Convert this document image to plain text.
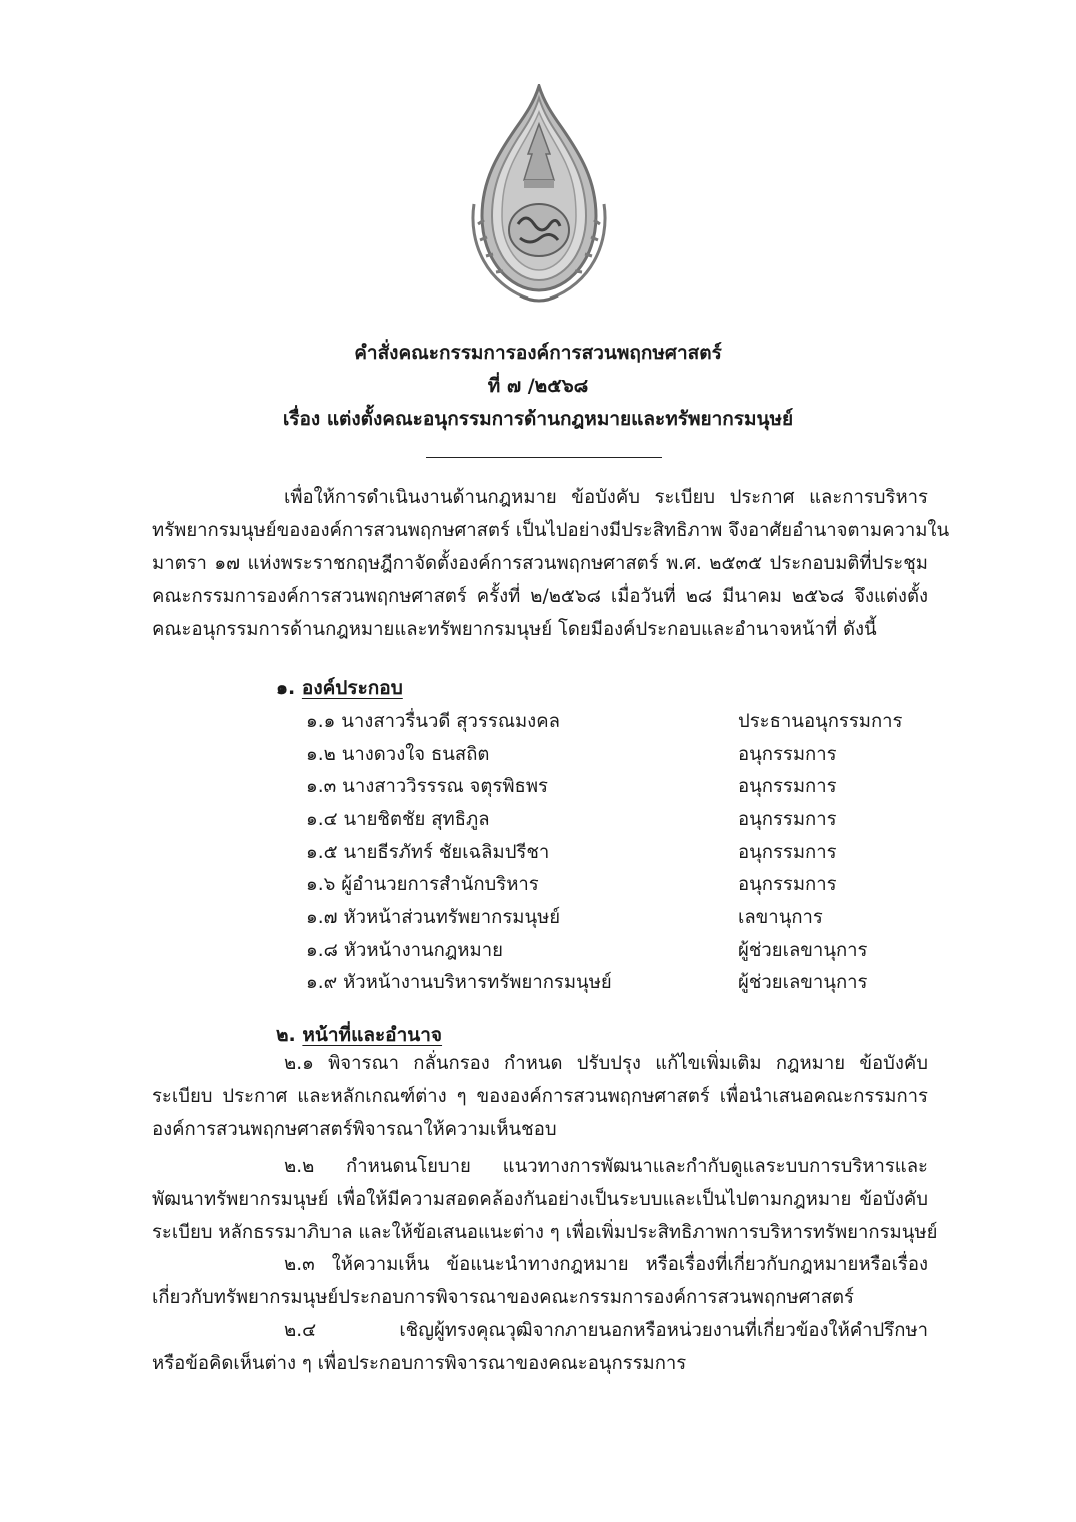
คำสั่งคณะกรรมการองค์การสวนพฤกษศาสตร์
ที่ ๗ /๒๕๖๘
เรื่อง แต่งตั้งคณะอนุกรรมการด้านกฎหมายและทรัพยากรมนุษย์
เพื่อให้การดำเนินงานด้านกฎหมาย ข้อบังคับ ระเบียบ ประกาศ และการบริหาร
ทรัพยากรมนุษย์ขององค์การสวนพฤกษศาสตร์ เป็นไปอย่างมีประสิทธิภาพ จึงอาศัยอำนาจตามความใน
มาตรา ๑๗ แห่งพระราชกฤษฎีกาจัดตั้งองค์การสวนพฤกษศาสตร์ พ.ศ. ๒๕๓๕ ประกอบมติที่ประชุม
คณะกรรมการองค์การสวนพฤกษศาสตร์ ครั้งที่ ๒/๒๕๖๘ เมื่อวันที่ ๒๘ มีนาคม ๒๕๖๘ จึงแต่งตั้ง
คณะอนุกรรมการด้านกฎหมายและทรัพยากรมนุษย์ โดยมีองค์ประกอบและอำนาจหน้าที่ ดังนี้
๑. องค์ประกอบ
๑.๑ นางสาวรื่นวดี สุวรรณมงคล	ประธานอนุกรรมการ
๑.๒ นางดวงใจ ธนสถิต	อนุกรรมการ
๑.๓ นางสาววิรรรณ จตุรพิธพร	อนุกรรมการ
๑.๔ นายชิตชัย สุทธิภูล	อนุกรรมการ
๑.๕ นายธีรภัทร์ ชัยเฉลิมปรีชา	อนุกรรมการ
๑.๖ ผู้อำนวยการสำนักบริหาร	อนุกรรมการ
๑.๗ หัวหน้าส่วนทรัพยากรมนุษย์	เลขานุการ
๑.๘ หัวหน้างานกฎหมาย	ผู้ช่วยเลขานุการ
๑.๙ หัวหน้างานบริหารทรัพยากรมนุษย์	ผู้ช่วยเลขานุการ
๒. หน้าที่และอำนาจ
๒.๑ พิจารณา กลั่นกรอง กำหนด ปรับปรุง แก้ไขเพิ่มเติม กฎหมาย ข้อบังคับ
ระเบียบ ประกาศ และหลักเกณฑ์ต่าง ๆ ขององค์การสวนพฤกษศาสตร์ เพื่อนำเสนอคณะกรรมการ
องค์การสวนพฤกษศาสตร์พิจารณาให้ความเห็นชอบ
๒.๒ กำหนดนโยบาย แนวทางการพัฒนาและกำกับดูแลระบบการบริหารและ
พัฒนาทรัพยากรมนุษย์ เพื่อให้มีความสอดคล้องกันอย่างเป็นระบบและเป็นไปตามกฎหมาย ข้อบังคับ
ระเบียบ หลักธรรมาภิบาล และให้ข้อเสนอแนะต่าง ๆ เพื่อเพิ่มประสิทธิภาพการบริหารทรัพยากรมนุษย์
๒.๓ ให้ความเห็น ข้อแนะนำทางกฎหมาย หรือเรื่องที่เกี่ยวกับกฎหมายหรือเรื่อง
เกี่ยวกับทรัพยากรมนุษย์ประกอบการพิจารณาของคณะกรรมการองค์การสวนพฤกษศาสตร์
๒.๔ เชิญผู้ทรงคุณวุฒิจากภายนอกหรือหน่วยงานที่เกี่ยวข้องให้คำปรึกษา
หรือข้อคิดเห็นต่าง ๆ เพื่อประกอบการพิจารณาของคณะอนุกรรมการ
